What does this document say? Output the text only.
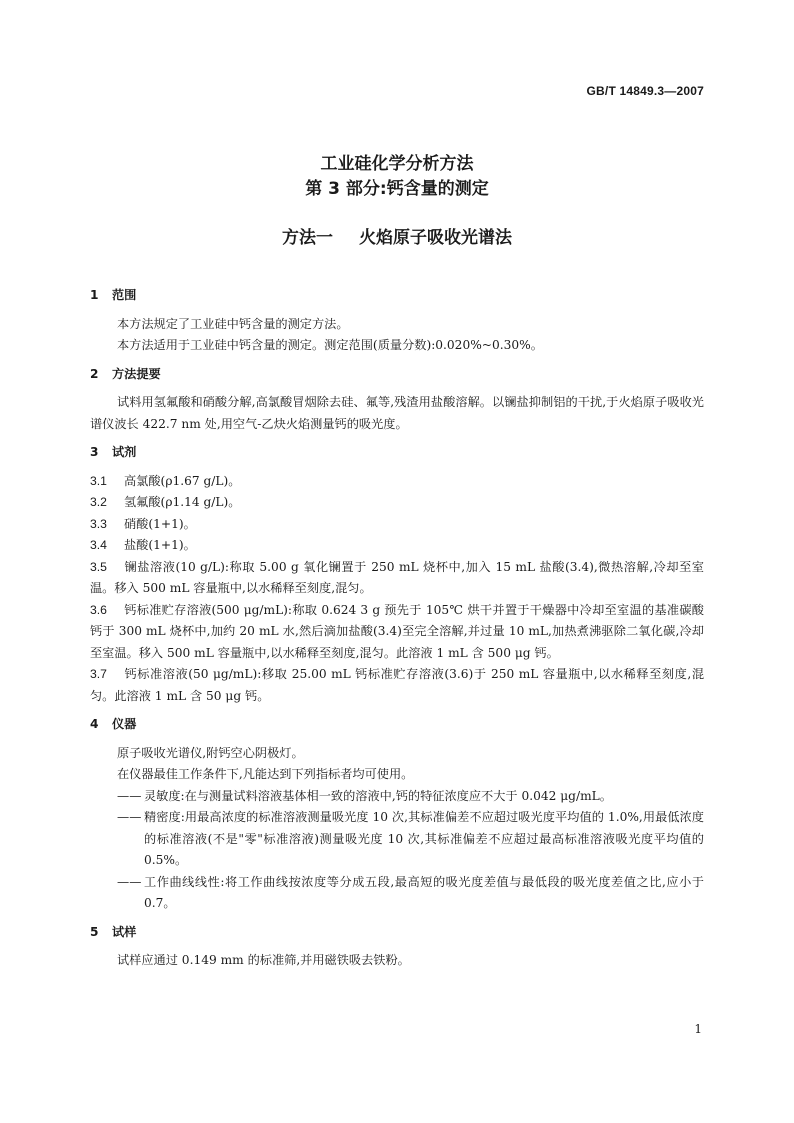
GB/T 14849.3—2007
工业硅化学分析方法
第 3 部分:钙含量的测定
方法一 火焰原子吸收光谱法
1 范围

本方法规定了工业硅中钙含量的测定方法。

本方法适用于工业硅中钙含量的测定。测定范围(质量分数):0.020%~0.30%。

2 方法提要

试料用氢氟酸和硝酸分解,高氯酸冒烟除去硅、氟等,残渣用盐酸溶解。以镧盐抑制铝的干扰,于火焰原子吸收光谱仪波长 422.7 nm 处,用空气-乙炔火焰测量钙的吸光度。

3 试剂

3.1 高氯酸(ρ1.67 g/L)。

3.2 氢氟酸(ρ1.14 g/L)。

3.3 硝酸(1+1)。

3.4 盐酸(1+1)。

3.5 镧盐溶液(10 g/L):称取 5.00 g 氧化镧置于 250 mL 烧杯中,加入 15 mL 盐酸(3.4),微热溶解,冷却至室温。移入 500 mL 容量瓶中,以水稀释至刻度,混匀。

3.6 钙标准贮存溶液(500 μg/mL):称取 0.624 3 g 预先于 105℃ 烘干并置于干燥器中冷却至室温的基准碳酸钙于 300 mL 烧杯中,加约 20 mL 水,然后滴加盐酸(3.4)至完全溶解,并过量 10 mL,加热煮沸驱除二氧化碳,冷却至室温。移入 500 mL 容量瓶中,以水稀释至刻度,混匀。此溶液 1 mL 含 500 μg 钙。

3.7 钙标准溶液(50 μg/mL):移取 25.00 mL 钙标准贮存溶液(3.6)于 250 mL 容量瓶中,以水稀释至刻度,混匀。此溶液 1 mL 含 50 μg 钙。

4 仪器

原子吸收光谱仪,附钙空心阴极灯。

在仪器最佳工作条件下,凡能达到下列指标者均可使用。

—— 灵敏度:在与测量试料溶液基体相一致的溶液中,钙的特征浓度应不大于 0.042 μg/mL。

—— 精密度:用最高浓度的标准溶液测量吸光度 10 次,其标准偏差不应超过吸光度平均值的 1.0%,用最低浓度的标准溶液(不是"零"标准溶液)测量吸光度 10 次,其标准偏差不应超过最高标准溶液吸光度平均值的 0.5%。

—— 工作曲线线性:将工作曲线按浓度等分成五段,最高短的吸光度差值与最低段的吸光度差值之比,应小于 0.7。

5 试样

试样应通过 0.149 mm 的标准筛,并用磁铁吸去铁粉。

1
